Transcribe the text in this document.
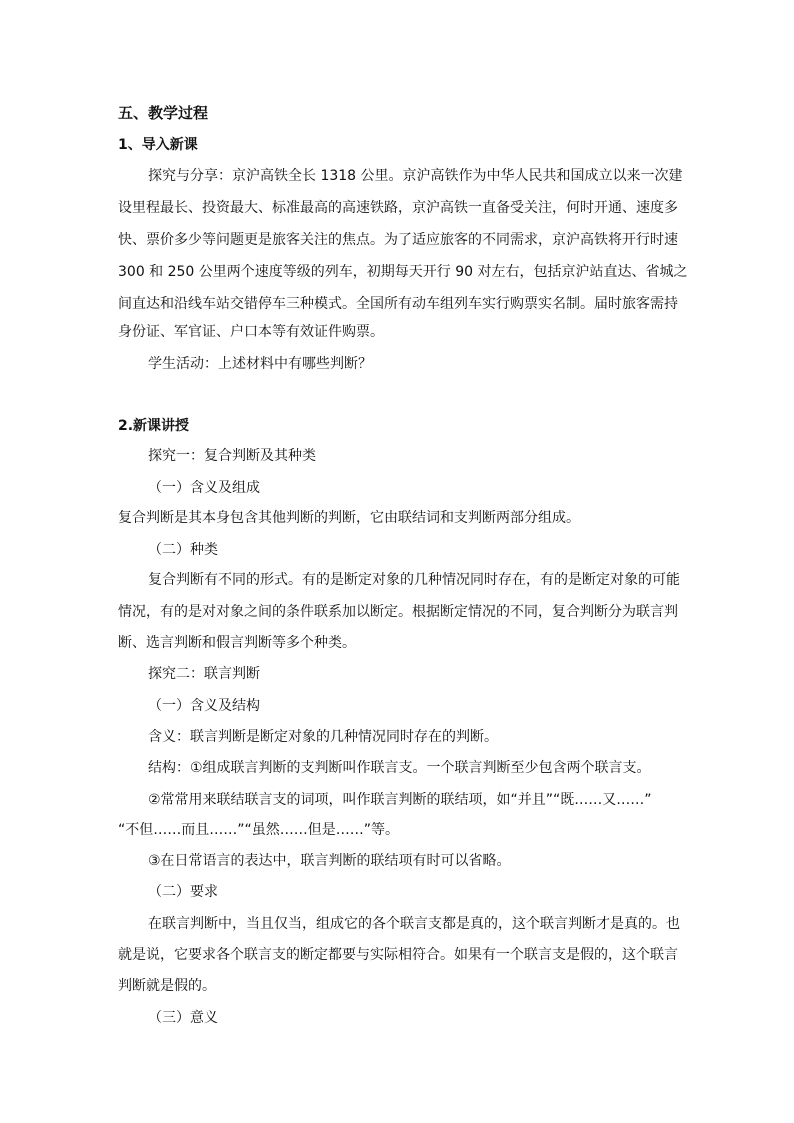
五、教学过程
1、导入新课
探究与分享：京沪高铁全长 1318 公里。京沪高铁作为中华人民共和国成立以来一次建
设里程最长、投资最大、标准最高的高速铁路，京沪高铁一直备受关注，何时开通、速度多
快、票价多少等问题更是旅客关注的焦点。为了适应旅客的不同需求，京沪高铁将开行时速
300 和 250 公里两个速度等级的列车，初期每天开行 90 对左右，包括京沪站直达、省城之
间直达和沿线车站交错停车三种模式。全国所有动车组列车实行购票实名制。届时旅客需持
身份证、军官证、户口本等有效证件购票。
学生活动：上述材料中有哪些判断？
2.新课讲授
探究一：复合判断及其种类
（一）含义及组成
复合判断是其本身包含其他判断的判断，它由联结词和支判断两部分组成。
（二）种类
复合判断有不同的形式。有的是断定对象的几种情况同时存在，有的是断定对象的可能
情况，有的是对对象之间的条件联系加以断定。根据断定情况的不同，复合判断分为联言判
断、选言判断和假言判断等多个种类。
探究二：联言判断
（一）含义及结构
含义：联言判断是断定对象的几种情况同时存在的判断。
结构：①组成联言判断的支判断叫作联言支。一个联言判断至少包含两个联言支。
②常常用来联结联言支的词项，叫作联言判断的联结项，如“并且”“既……又……”
“不但……而且……”“虽然……但是……”等。
③在日常语言的表达中，联言判断的联结项有时可以省略。
（二）要求
在联言判断中，当且仅当，组成它的各个联言支都是真的，这个联言判断才是真的。也
就是说，它要求各个联言支的断定都要与实际相符合。如果有一个联言支是假的，这个联言
判断就是假的。
（三）意义
